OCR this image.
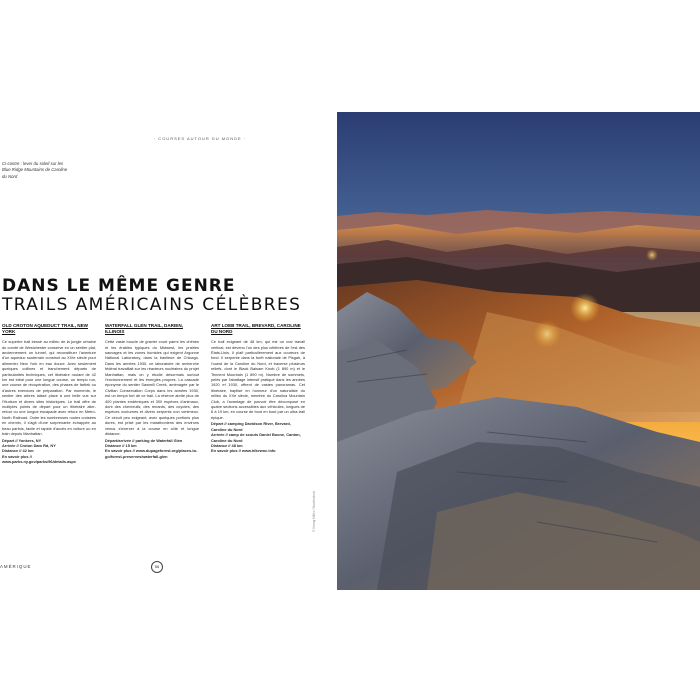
· COURSES AUTOUR DU MONDE ·
Ci-contre : lever du soleil sur les Blue Ridge Mountains de Caroline du Nord
DANS LE MÊME GENRE
TRAILS AMÉRICAINS CÉLÈBRES
OLD CROTON AQUEDUCT TRAIL, NEW YORK
Ce superbe trail bessé au milieu de la jungle urbaine du comté de Westchester conserve en un sentier plat, anciennement un tunnel, qui reconstituer l'aventure d'un aqueduc souterrain construit au XIXe siècle pour alimenter New York en eau douce. Avec seulement quelques collines et tranchement départs de particularités techniques, cet itinéraire roulant de 42 km est idéal pour une longue course, un tempo run, une course de récupération, des phases de fartlek ou d'autres exercices de préparation. Par moments, le sentier des arbres laisse place à une belle vue sur l'Hudson et divers sites historiques. Le trail offre de multiples points de départ pour un itinéraire aller-retour ou une longue escapade avec retour en Metro-North Railroad. Outre les nombreuses routes croisées en chemin, il s'agit d'une surprenante échappée au beau parfois, facile et rapide d'accès en voiture ou en train depuis Manhattan.
Départ // Yonkers, NY
Arrivée // Croton Dam Rd, NY
Distance // 42 km
En savoir plus // www.parks.ny.gov/parks/96/details.aspx
WATERFALL GLEN TRAIL, DARIEN, ILLINOIS
Cette vaste boucle de gravier court parmi les chênes et les érables typiques du Midwest, les prairies sauvages et les zones humides qui exigent Argonne National Laboratory, dans la banlieue de Chicago. Dans les années 1930, ce laboratoire de recherche fédéral travaillait sur les réacteurs nucléaires du projet Manhattan, mais on y étudie désormais surtout l'environnement et les énergies propres. La cascade éponyme du sentier Sawmill Creek, aménagée par le Civilian Conservation Corps dans les années 1930, est un temps fort de ce trail. La réserve abrite plus de 400 plantes endémiques et 300 espèces d'animaux, dont des chevreuils, des renards, des coyotes, des espèces nocturnes et divers serpents non venimeux. Ce circuit peu exigeant, avec quelques portions plus dures, est prisé par les marathoniens des environs venus s'exercer à la course en côte et longue distance.
Départ/arrivée // parking de Waterfall Glen
Distance // 15 km
En savoir plus // www.dupageforest.org/places-to-go/forest-preserves/waterfall-glen
ART LOEB TRAIL, BREVARD, CAROLINE DU NORD
Ce trail exigeant de 48 km, qui est un vrai travail vertical, est devenu l'un des plus célèbres de l'est des États-Unis. Il plaît particulièrement aux coureurs de fond. Il serpente dans la forêt nationale de Pisgah, à l'ouest de la Caroline du Nord, et traverse plusieurs reliefs, dont le Black Balsam Knob (1 890 m) et le Tennent Mountain (1 890 m). Nombre de sommets, pelés par l'abattage intensif pratiqué dans les années 1920 et 1930, offrent de vastes panoramas. Cet itinéraire, baptisé en honneur d'un naturaliste du milieu du XXe siècle, membre du Carolina Mountain Club, a l'avantage de pouvoir être décomposé en quatre sections accessibles aux véhicules, longues de 6 à 19 km, en course de bout en bout par un ultra-trail épique.
Départ // camping Davidson River, Brevard, Caroline du Nord
Arrivée // camp de scouts Daniel Boone, Canton, Caroline du Nord
Distance // 48 km
En savoir plus // www.hikewnc.info
AMÉRIQUE	56
© Kenny Miller / Shutterstock
